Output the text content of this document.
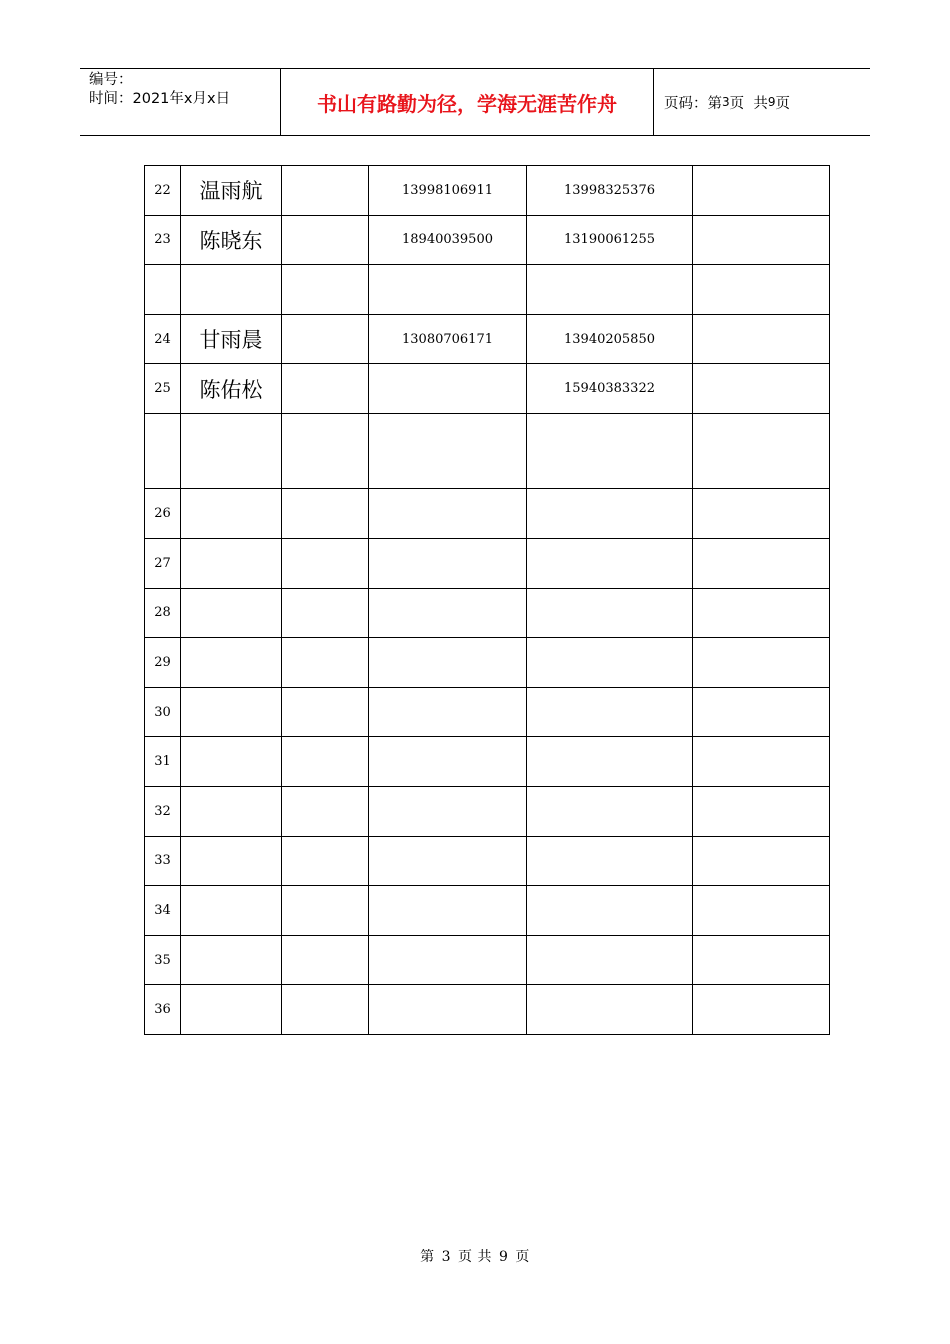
编号：
时间：2021年x月x日	书山有路勤为径，学海无涯苦作舟	页码：第 3 页  共 9 页
22	温雨航		13998106911	13998325376	
23	陈晓东		18940039500	13190061255	

24	甘雨晨		13080706171	13940205850	
25	陈佑松			15940383322	

26					
27					
28					
29					
30					
31					
32					
33					
34					
35					
36					
第 3 页 共 9 页
